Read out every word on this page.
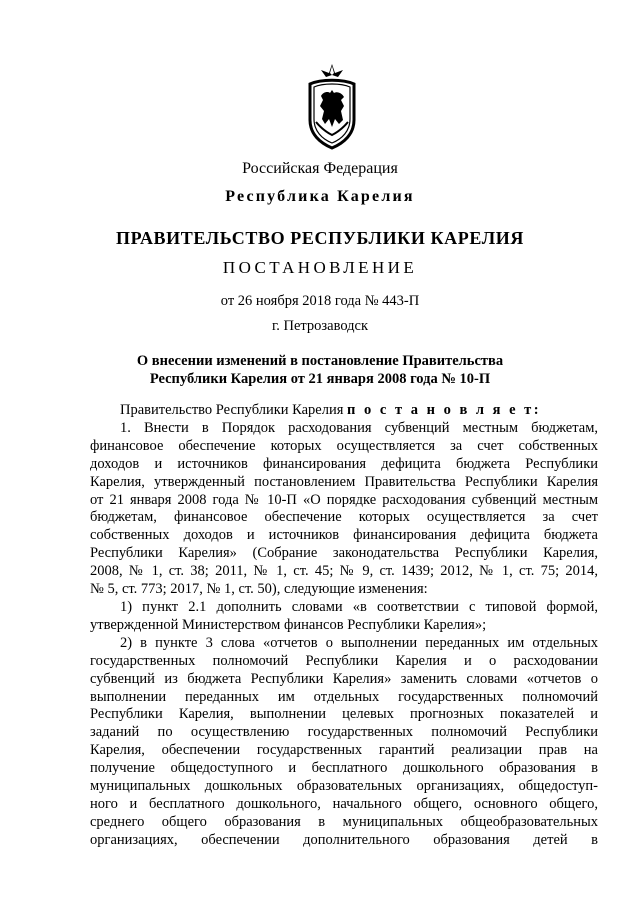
Российская Федерация
Республика Карелия
ПРАВИТЕЛЬСТВО РЕСПУБЛИКИ КАРЕЛИЯ
ПОСТАНОВЛЕНИЕ
от 26 ноября 2018 года № 443-П
г. Петрозаводск
О внесении изменений в постановление Правительства
Республики Карелия от 21 января 2008 года № 10-П

Правительство Республики Карелия п о с т а н о в л я е т:

1. Внести в Порядок расходования субвенций местным бюджетам,
финансовое обеспечение которых осуществляется за счет собственных
доходов и источников финансирования дефицита бюджета Республики
Карелия, утвержденный постановлением Правительства Республики Карелия
от 21 января 2008 года № 10-П «О порядке расходования субвенций местным
бюджетам, финансовое обеспечение которых осуществляется за счет
собственных доходов и источников финансирования дефицита бюджета
Республики Карелия» (Собрание законодательства Республики Карелия,
2008, № 1, ст. 38; 2011, № 1, ст. 45; № 9, ст. 1439; 2012, № 1, ст. 75; 2014,
№ 5, ст. 773; 2017, № 1, ст. 50), следующие изменения:
1) пункт 2.1 дополнить словами «в соответствии с типовой формой,
утвержденной Министерством финансов Республики Карелия»;
2) в пункте 3 слова «отчетов о выполнении переданных им отдельных
государственных полномочий Республики Карелия и о расходовании
субвенций из бюджета Республики Карелия» заменить словами «отчетов о
выполнении переданных им отдельных государственных полномочий
Республики Карелия, выполнении целевых прогнозных показателей и
заданий по осуществлению государственных полномочий Республики
Карелия, обеспечении государственных гарантий реализации прав на
получение общедоступного и бесплатного дошкольного образования в
муниципальных дошкольных образовательных организациях, общедоступ-
ного и бесплатного дошкольного, начального общего, основного общего,
среднего общего образования в муниципальных общеобразовательных
организациях, обеспечении дополнительного образования детей в
